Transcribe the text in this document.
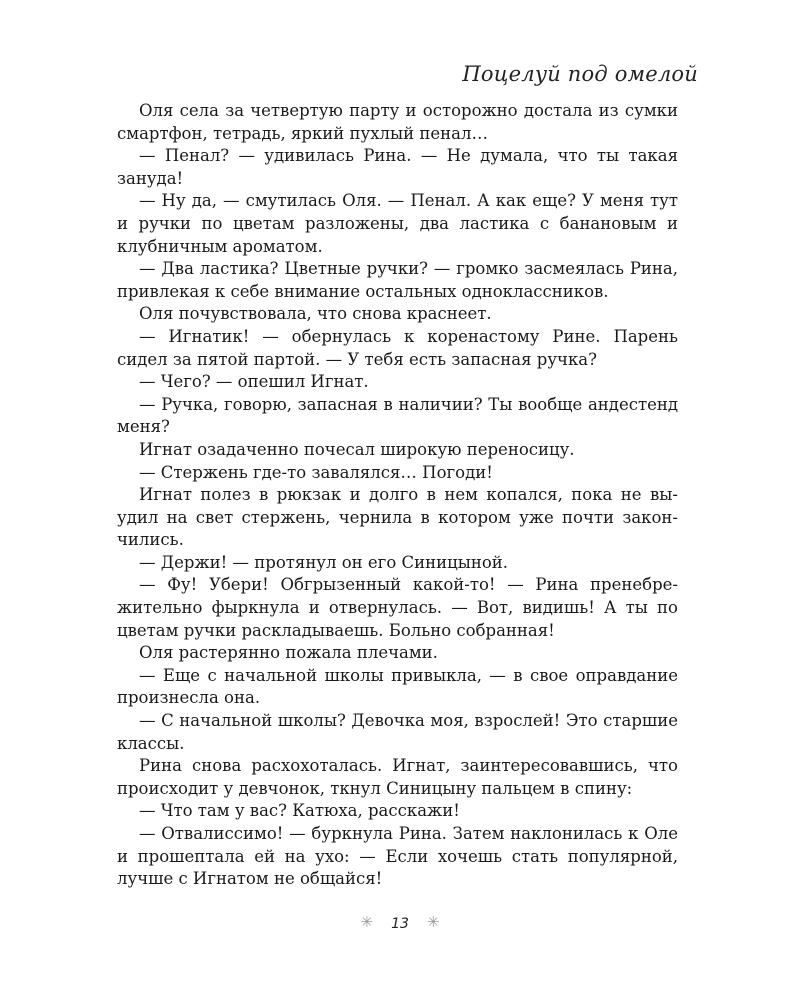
Поцелуй под омелой

Оля села за четвертую парту и осторожно достала из сумки смартфон, тетрадь, яркий пухлый пенал…

— Пенал? — удивилась Рина. — Не думала, что ты такая зануда!

— Ну да, — смутилась Оля. — Пенал. А как еще? У меня тут и ручки по цветам разложены, два ластика с банановым и клубничным ароматом.

— Два ластика? Цветные ручки? — громко засмеялась Рина, привлекая к себе внимание остальных одноклассников.

Оля почувствовала, что снова краснеет.

— Игнатик! — обернулась к коренастому Рине. Парень сидел за пятой партой. — У тебя есть запасная ручка?

— Чего? — опешил Игнат.

— Ручка, говорю, запасная в наличии? Ты вообще андестенд меня?

Игнат озадаченно почесал широкую переносицу.

— Стержень где-то завалялся… Погоди!

Игнат полез в рюкзак и долго в нем копался, пока не выудил на свет стержень, чернила в котором уже почти закончились.

— Держи! — протянул он его Синицыной.

— Фу! Убери! Обгрызенный какой-то! — Рина пренебрежительно фыркнула и отвернулась. — Вот, видишь! А ты по цветам ручки раскладываешь. Больно собранная!

Оля растерянно пожала плечами.

— Еще с начальной школы привыкла, — в свое оправдание произнесла она.

— С начальной школы? Девочка моя, взрослей! Это старшие классы.

Рина снова расхохоталась. Игнат, заинтересовавшись, что происходит у девчонок, ткнул Синицыну пальцем в спину:

— Что там у вас? Катюха, расскажи!

— Отвалиссимо! — буркнула Рина. Затем наклонилась к Оле и прошептала ей на ухо: — Если хочешь стать популярной, лучше с Игнатом не общайся!

✳ 13 ✳
